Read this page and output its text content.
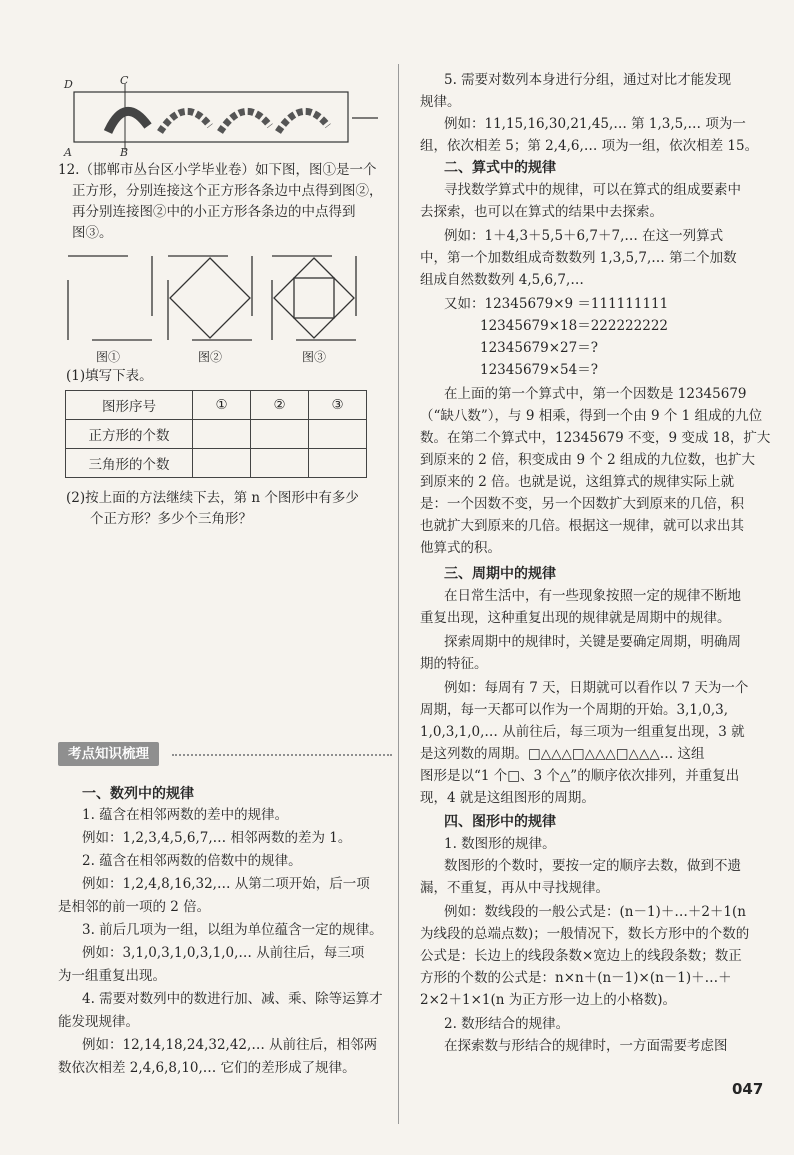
D	C
A	B
12.（邯郸市丛台区小学毕业卷）如下图，图①是一个
正方形，分别连接这个正方形各条边中点得到图②，
再分别连接图②中的小正方形各条边的中点得到
图③。
图①	图②	图③
(1)填写下表。
图形序号	①	②	③
正方形的个数			
三角形的个数			
(2)按上面的方法继续下去，第 n 个图形中有多少
个正方形？多少个三角形？
考点知识梳理
一、数列中的规律
1. 蕴含在相邻两数的差中的规律。
例如：1,2,3,4,5,6,7,… 相邻两数的差为 1。
2. 蕴含在相邻两数的倍数中的规律。
例如：1,2,4,8,16,32,… 从第二项开始，后一项
是相邻的前一项的 2 倍。
3. 前后几项为一组，以组为单位蕴含一定的规律。
例如：3,1,0,3,1,0,3,1,0,… 从前往后，每三项
为一组重复出现。
4. 需要对数列中的数进行加、减、乘、除等运算才
能发现规律。
例如：12,14,18,24,32,42,… 从前往后，相邻两
数依次相差 2,4,6,8,10,… 它们的差形成了规律。
5. 需要对数列本身进行分组，通过对比才能发现
规律。
例如：11,15,16,30,21,45,… 第 1,3,5,… 项为一
组，依次相差 5；第 2,4,6,… 项为一组，依次相差 15。
二、算式中的规律
寻找数学算式中的规律，可以在算式的组成要素中
去探索，也可以在算式的结果中去探索。
例如：1＋4,3＋5,5＋6,7＋7,… 在这一列算式
中，第一个加数组成奇数数列 1,3,5,7,… 第二个加数
组成自然数数列 4,5,6,7,…
又如：12345679×9 ＝111111111
12345679×18＝222222222
12345679×27＝?
12345679×54＝?
在上面的第一个算式中，第一个因数是 12345679
（“缺八数”），与 9 相乘，得到一个由 9 个 1 组成的九位
数。在第二个算式中，12345679 不变，9 变成 18，扩大
到原来的 2 倍，积变成由 9 个 2 组成的九位数，也扩大
到原来的 2 倍。也就是说，这组算式的规律实际上就
是：一个因数不变，另一个因数扩大到原来的几倍，积
也就扩大到原来的几倍。根据这一规律，就可以求出其
他算式的积。
三、周期中的规律
在日常生活中，有一些现象按照一定的规律不断地
重复出现，这种重复出现的规律就是周期中的规律。
探索周期中的规律时，关键是要确定周期，明确周
期的特征。
例如：每周有 7 天，日期就可以看作以 7 天为一个
周期，每一天都可以作为一个周期的开始。3,1,0,3,
1,0,3,1,0,… 从前往后，每三项为一组重复出现，3 就
是这列数的周期。□△△△□△△△□△△△… 这组
图形是以“1 个□、3 个△”的顺序依次排列，并重复出
现，4 就是这组图形的周期。
四、图形中的规律
1. 数图形的规律。
数图形的个数时，要按一定的顺序去数，做到不遗
漏，不重复，再从中寻找规律。
例如：数线段的一般公式是：(n－1)＋…＋2＋1(n
为线段的总端点数)；一般情况下，数长方形中的个数的
公式是：长边上的线段条数×宽边上的线段条数；数正
方形的个数的公式是：n×n＋(n－1)×(n－1)＋…＋
2×2＋1×1(n 为正方形一边上的小格数)。
2. 数形结合的规律。
在探索数与形结合的规律时，一方面需要考虑图
047
